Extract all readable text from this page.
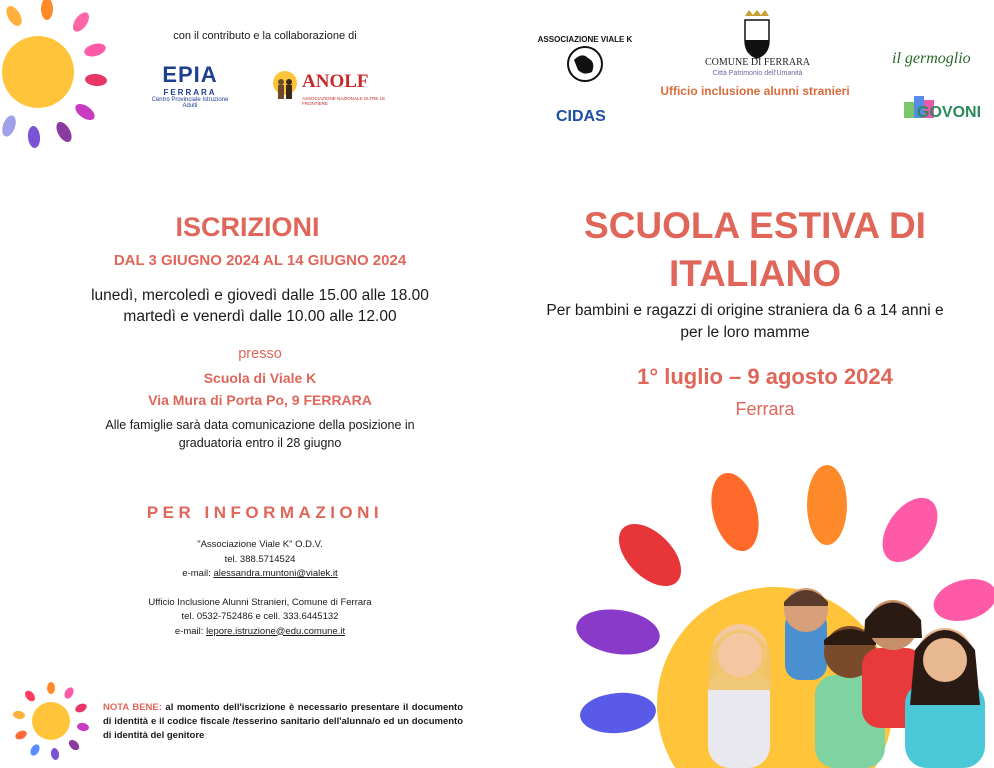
con il contributo e la collaborazione di
EPIA
FERRARA
Centro Provinciale Istruzione Adulti
ANOLF
ASSOCIAZIONE NAZIONALE OLTRE LE FRONTIERE
ASSOCIAZIONE VIALE K
CIDAS
COMUNE DI FERRARA
Città Patrimonio dell'Umanità
Ufficio inclusione alunni stranieri
il germoglio
GOVONI
ISCRIZIONI
DAL 3 GIUGNO 2024 AL 14 GIUGNO 2024
lunedì, mercoledì e giovedì dalle 15.00 alle 18.00
martedì e venerdì dalle 10.00 alle 12.00
presso
Scuola di Viale K
Via Mura di Porta Po, 9 FERRARA
Alle famiglie sarà data comunicazione della posizione in
graduatoria entro il 28 giugno
PER INFORMAZIONI
"Associazione Viale K" O.D.V.
tel. 388.5714524
e-mail: alessandra.muntoni@vialek.it
Ufficio Inclusione Alunni Stranieri, Comune di Ferrara
tel. 0532-752486 e cell. 333.6445132
e-mail: lepore.istruzione@edu.comune.it
NOTA BENE: al momento dell'iscrizione è necessario presentare il documento di identità e il codice fiscale /tesserino sanitario dell'alunna/o ed un documento di identità del genitore
SCUOLA ESTIVA DI
ITALIANO
Per bambini e ragazzi di origine straniera da 6 a 14 anni e
per le loro mamme
1° luglio – 9 agosto 2024
Ferrara
